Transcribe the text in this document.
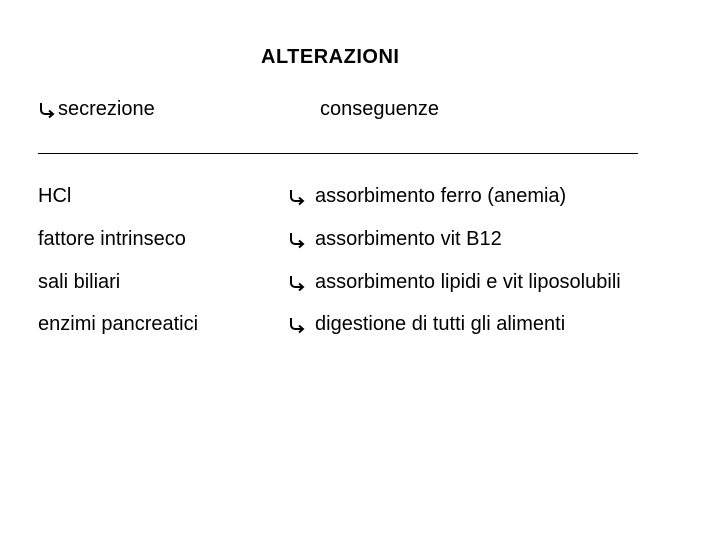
ALTERAZIONI
secrezione	conseguenze
HCl	assorbimento ferro (anemia)
fattore intrinseco	assorbimento vit B12
sali biliari	assorbimento lipidi e vit liposolubili
enzimi pancreatici	digestione di tutti gli alimenti
